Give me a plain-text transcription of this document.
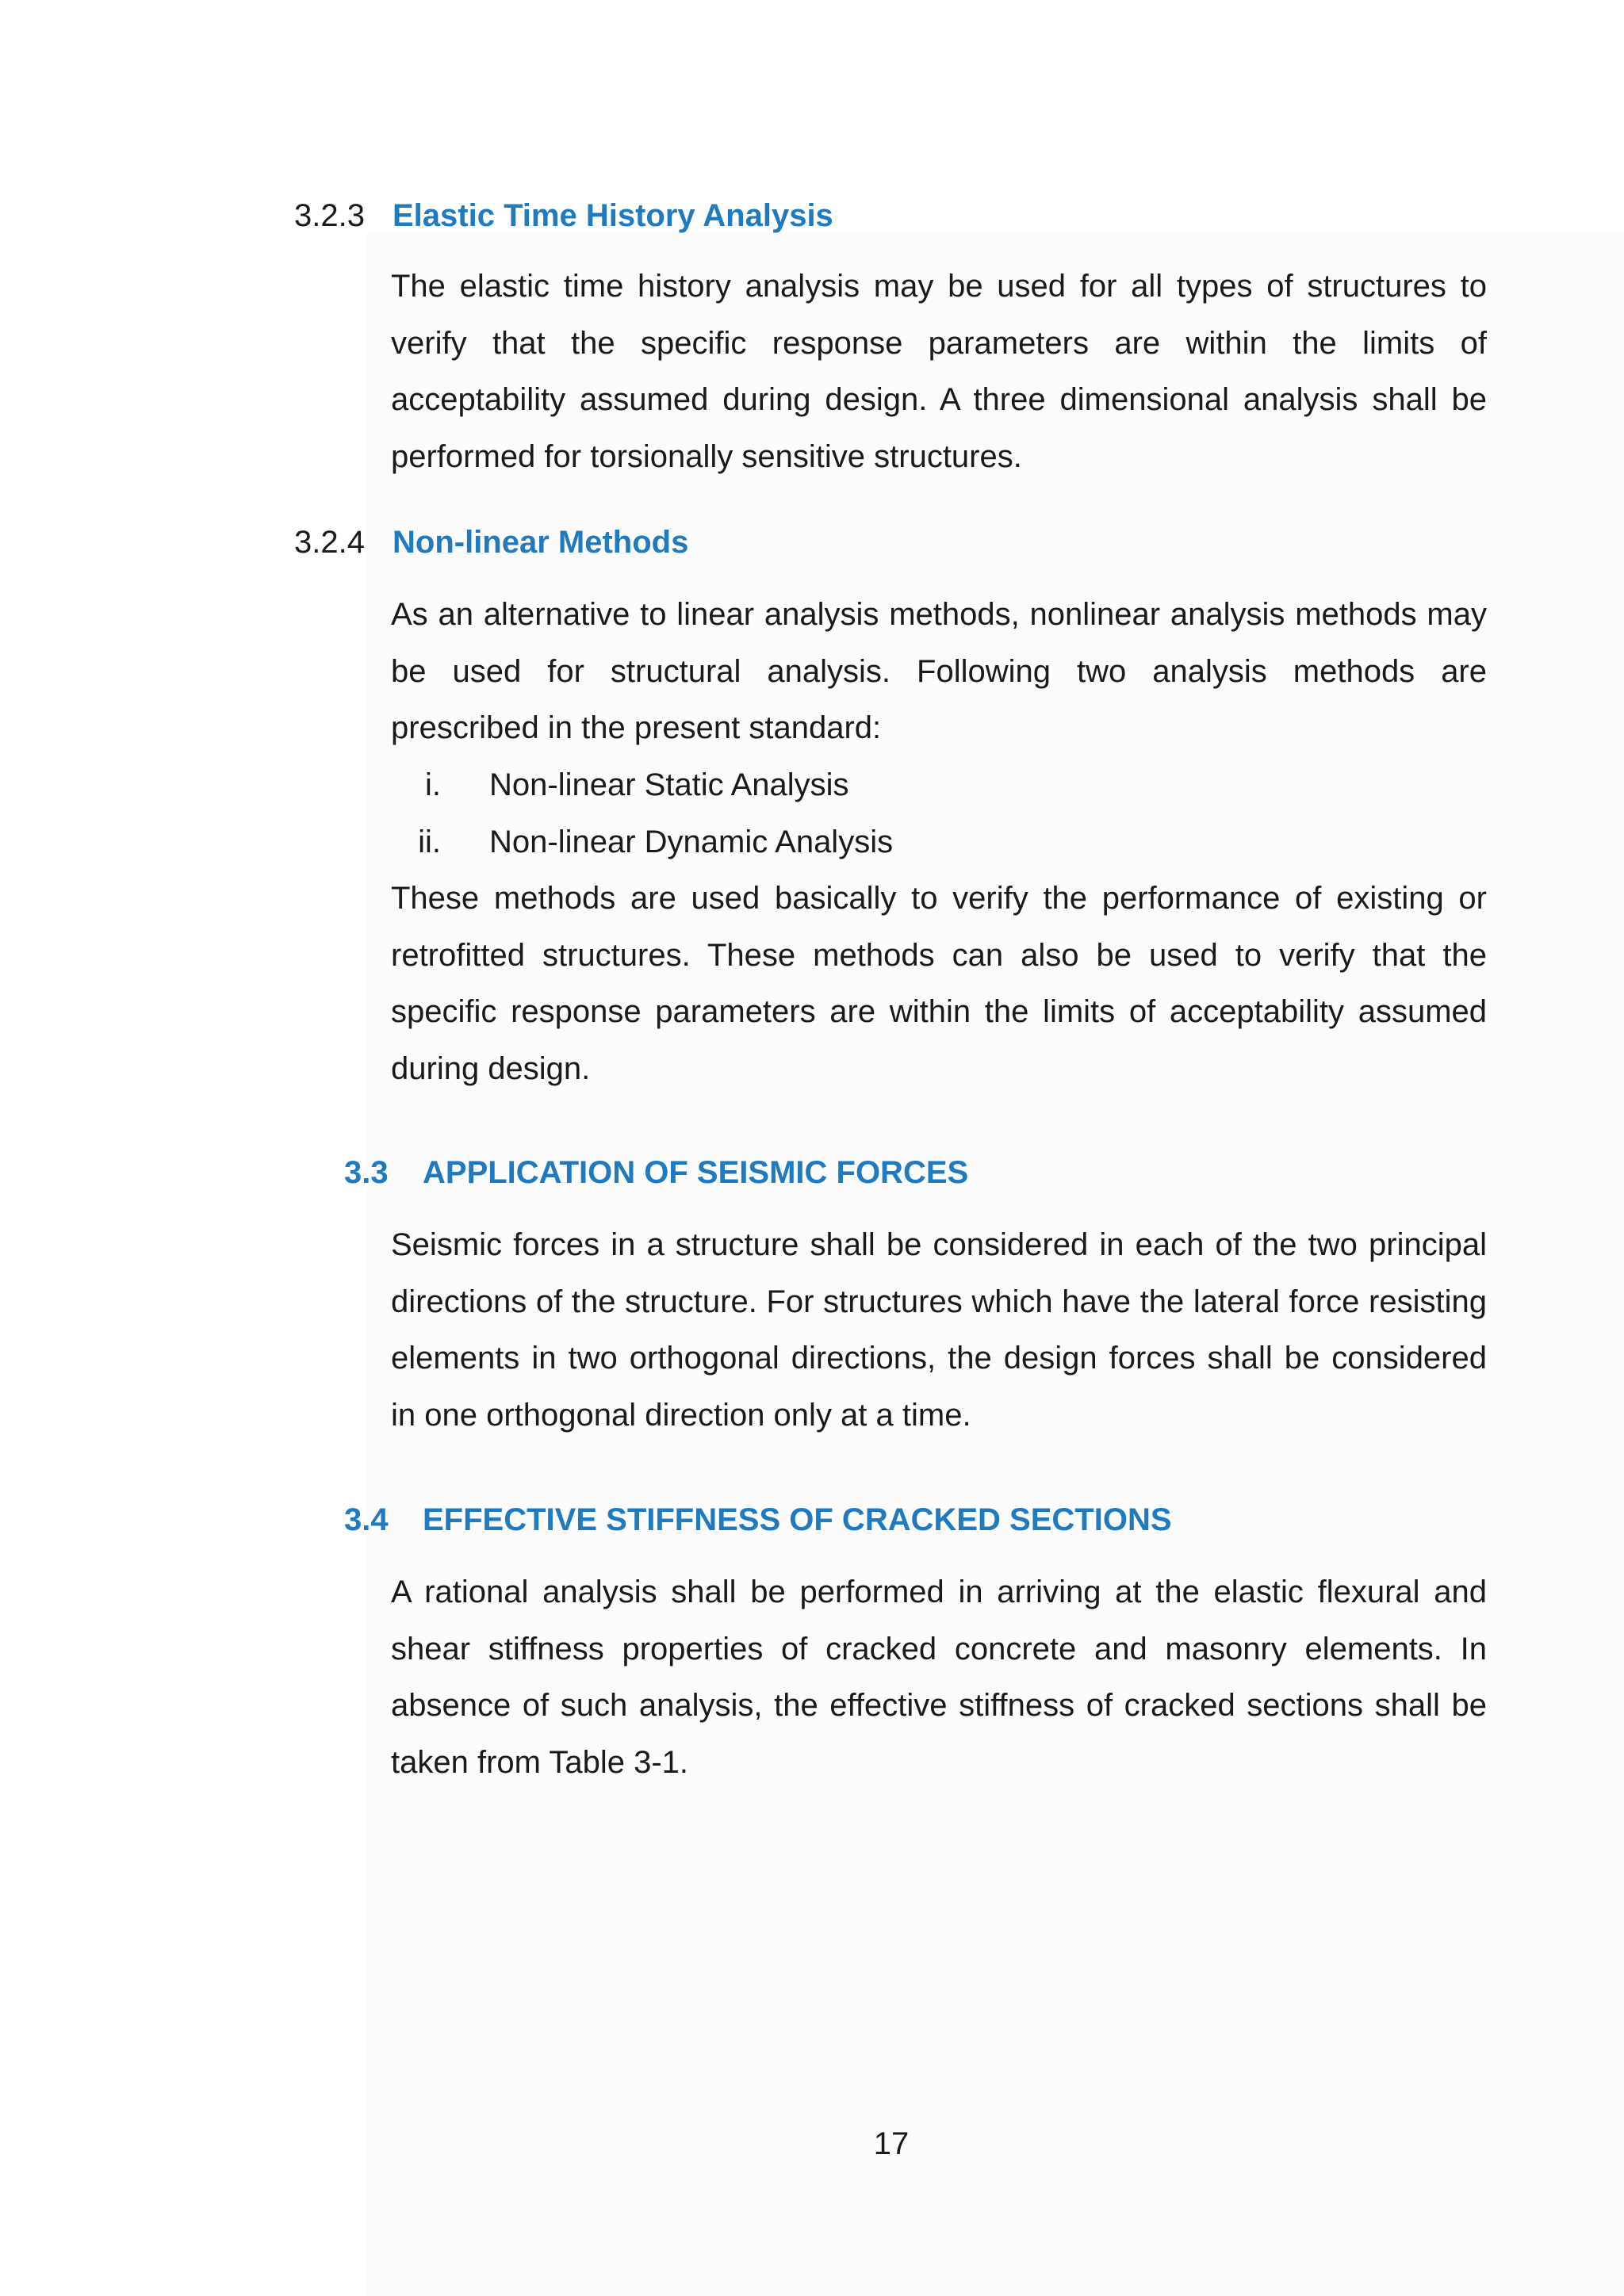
3.2.3 Elastic Time History Analysis

The elastic time history analysis may be used for all types of structures to verify that the specific response parameters are within the limits of acceptability assumed during design. A three dimensional analysis shall be performed for torsionally sensitive structures.

3.2.4 Non-linear Methods

As an alternative to linear analysis methods, nonlinear analysis methods may be used for structural analysis. Following two analysis methods are prescribed in the present standard:

i. Non-linear Static Analysis
ii. Non-linear Dynamic Analysis

These methods are used basically to verify the performance of existing or retrofitted structures. These methods can also be used to verify that the specific response parameters are within the limits of acceptability assumed during design.

3.3 APPLICATION OF SEISMIC FORCES

Seismic forces in a structure shall be considered in each of the two principal directions of the structure. For structures which have the lateral force resisting elements in two orthogonal directions, the design forces shall be considered in one orthogonal direction only at a time.

3.4 EFFECTIVE STIFFNESS OF CRACKED SECTIONS

A rational analysis shall be performed in arriving at the elastic flexural and shear stiffness properties of cracked concrete and masonry elements. In absence of such analysis, the effective stiffness of cracked sections shall be taken from Table 3-1.

17
